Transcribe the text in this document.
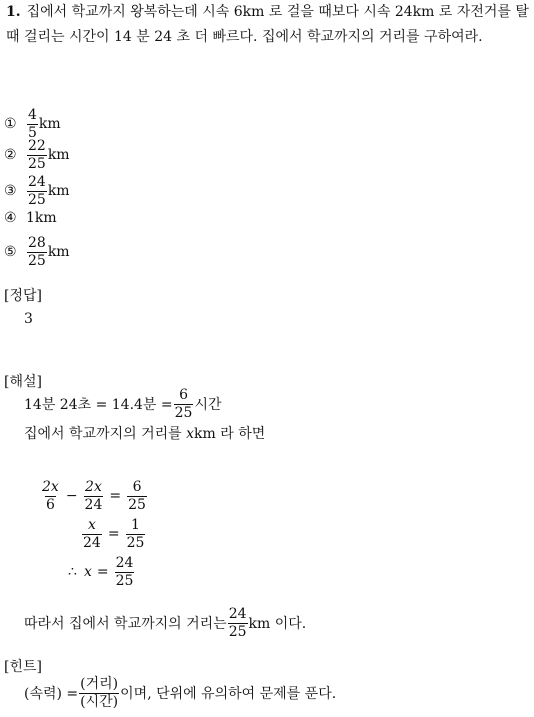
1. 집에서 학교까지 왕복하는데 시속 6km 로 걸을 때보다 시속 24km 로 자전거를 탈 때 걸리는 시간이 14 분 24 초 더 빠르다. 집에서 학교까지의 거리를 구하여라.
① $\frac{4}{5}$ km
② $\frac{22}{25}$ km
③ $\frac{24}{25}$ km
④ 1km
⑤ $\frac{28}{25}$ km
[정답]
3
[해설]
14분 24초 = 14.4분 = $\frac{6}{25}$ 시간
집에서 학교까지의 거리를 xkm 라 하면
$\frac{2x}{6} - \frac{2x}{24} = \frac{6}{25}$
$\frac{x}{24} = \frac{1}{25}$
∴ $x = \frac{24}{25}$
따라서 집에서 학교까지의 거리는 $\frac{24}{25}$ km 이다.
[힌트]
(속력) = $\frac{\text{(거리)}}{\text{(시간)}}$ 이며, 단위에 유의하여 문제를 푼다.
